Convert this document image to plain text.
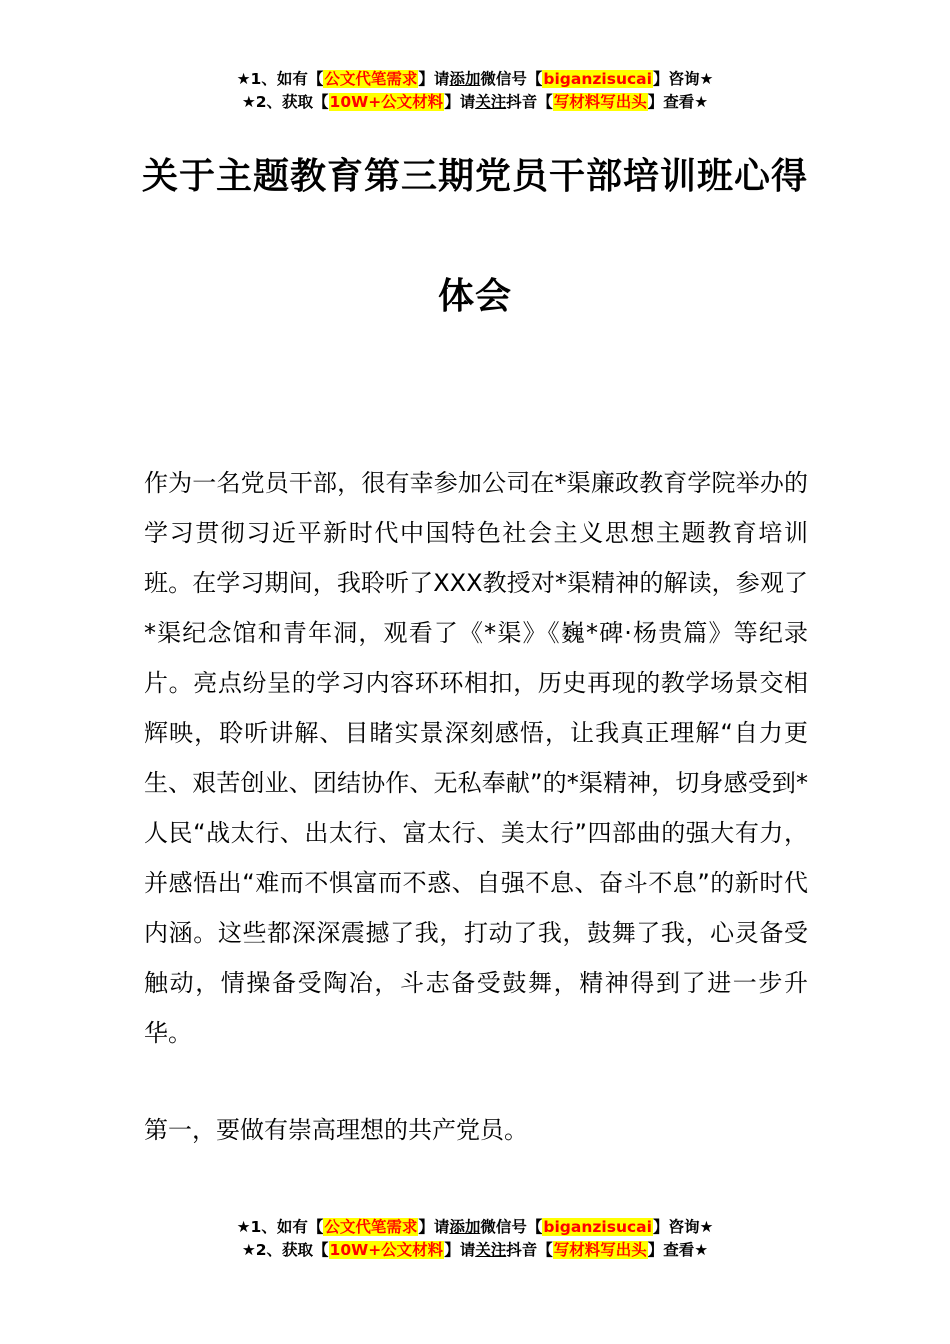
★1、如有【公文代笔需求】请添加微信号【biganzisucai】咨询★
★2、获取【10W+公文材料】请关注抖音【写材料写出头】查看★
关于主题教育第三期党员干部培训班心得
体会
作为一名党员干部，很有幸参加公司在*渠廉政教育学院举办的学习贯彻习近平新时代中国特色社会主义思想主题教育培训班。在学习期间，我聆听了XXX教授对*渠精神的解读，参观了*渠纪念馆和青年洞，观看了《*渠》《巍*碑·杨贵篇》等纪录片。亮点纷呈的学习内容环环相扣，历史再现的教学场景交相辉映，聆听讲解、目睹实景深刻感悟，让我真正理解“自力更生、艰苦创业、团结协作、无私奉献”的*渠精神，切身感受到*人民“战太行、出太行、富太行、美太行”四部曲的强大有力，并感悟出“难而不惧富而不惑、自强不息、奋斗不息”的新时代内涵。这些都深深震撼了我，打动了我，鼓舞了我，心灵备受触动，情操备受陶冶，斗志备受鼓舞，精神得到了进一步升华。
第一，要做有崇高理想的共产党员。
★1、如有【公文代笔需求】请添加微信号【biganzisucai】咨询★
★2、获取【10W+公文材料】请关注抖音【写材料写出头】查看★
